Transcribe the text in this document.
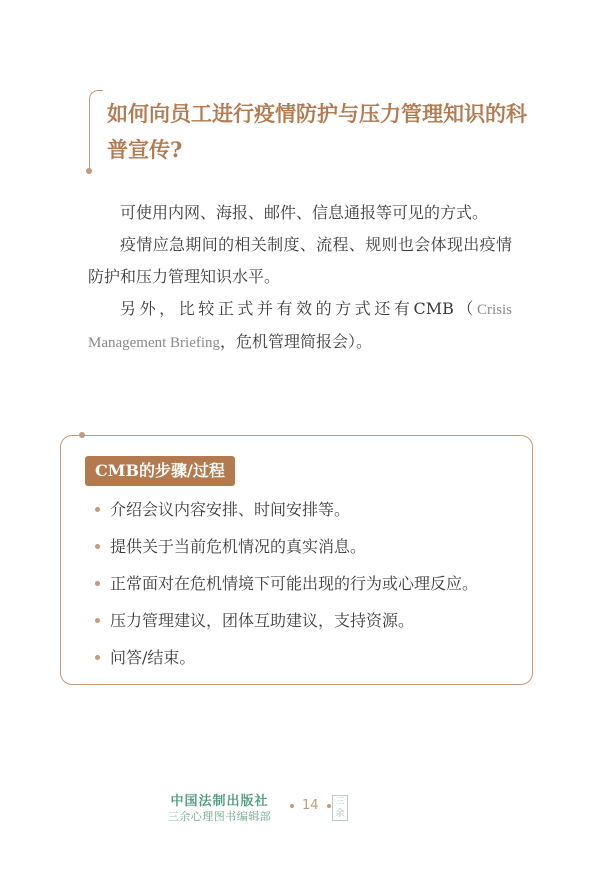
如何向员工进行疫情防护与压力管理知识的科普宣传?

可使用内网、海报、邮件、信息通报等可见的方式。

疫情应急期间的相关制度、流程、规则也会体现出疫情防护和压力管理知识水平。

另外，比较正式并有效的方式还有CMB（Crisis Management Briefing，危机管理简报会）。

CMB的步骤/过程
介绍会议内容安排、时间安排等。
提供关于当前危机情况的真实消息。
正常面对在危机情境下可能出现的行为或心理反应。
压力管理建议，团体互助建议，支持资源。
问答/结束。
中国法制出版社
三余心理图书编辑部
14	三余
